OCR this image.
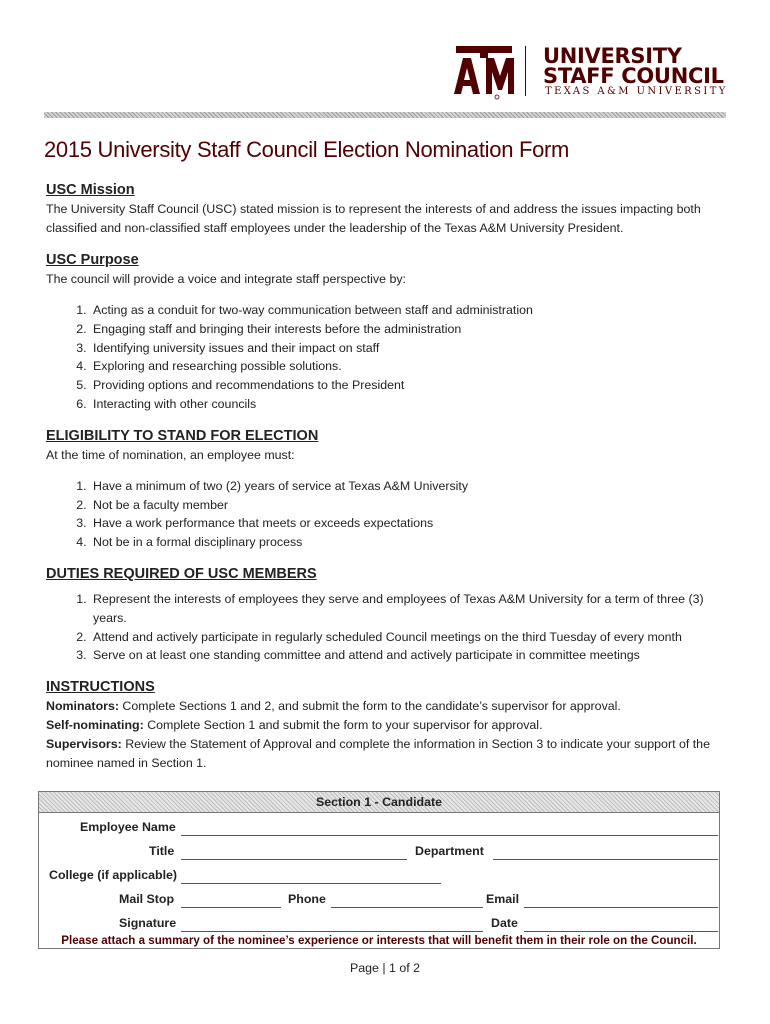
UNIVERSITY
STAFF COUNCIL
TEXAS A&M UNIVERSITY
2015 University Staff Council Election Nomination Form
USC Mission

The University Staff Council (USC) stated mission is to represent the interests of and address the issues impacting both classified and non-classified staff employees under the leadership of the Texas A&M University President.

USC Purpose

The council will provide a voice and integrate staff perspective by:

1. Acting as a conduit for two-way communication between staff and administration
2. Engaging staff and bringing their interests before the administration
3. Identifying university issues and their impact on staff
4. Exploring and researching possible solutions.
5. Providing options and recommendations to the President
6. Interacting with other councils
ELIGIBILITY TO STAND FOR ELECTION

At the time of nomination, an employee must:

1. Have a minimum of two (2) years of service at Texas A&M University
2. Not be a faculty member
3. Have a work performance that meets or exceeds expectations
4. Not be in a formal disciplinary process
DUTIES REQUIRED OF USC MEMBERS
1. Represent the interests of employees they serve and employees of Texas A&M University for a term of three (3) years.
2. Attend and actively participate in regularly scheduled Council meetings on the third Tuesday of every month
3. Serve on at least one standing committee and attend and actively participate in committee meetings
INSTRUCTIONS

Nominators: Complete Sections 1 and 2, and submit the form to the candidate’s supervisor for approval.

Self-nominating: Complete Section 1 and submit the form to your supervisor for approval.

Supervisors: Review the Statement of Approval and complete the information in Section 3 to indicate your support of the nominee named in Section 1.

Section 1 - Candidate
Employee Name
Title	Department
College (if applicable)
Mail Stop	Phone	Email
Signature	Date
Please attach a summary of the nominee’s experience or interests that will benefit them in their role on the Council.
Page | 1 of 2
